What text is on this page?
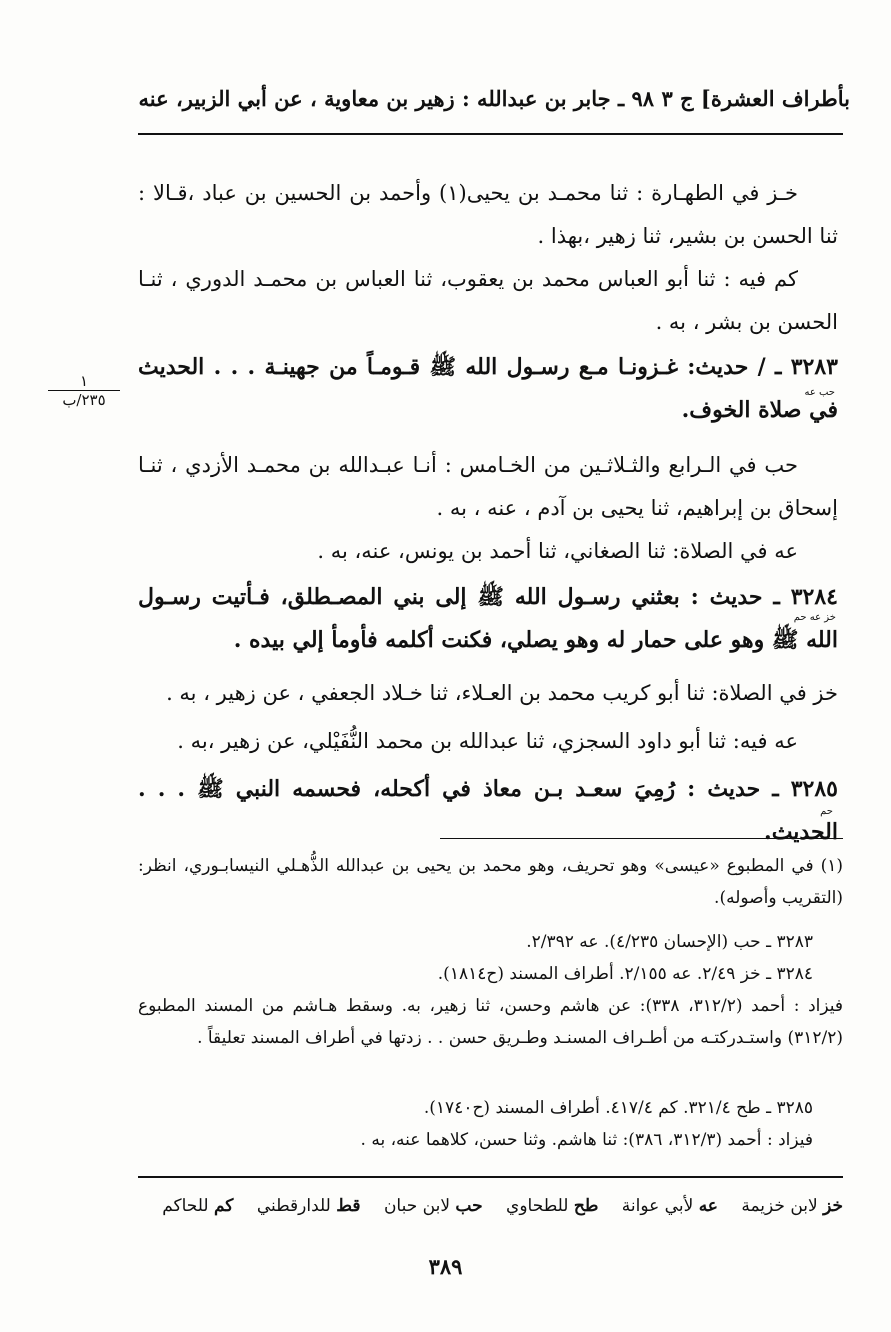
بأطراف العشرة] ج ٣
٩٨ ـ جابر بن عبدالله : زهير بن معاوية ، عن أبي الزبير، عنه
خـز في الطهـارة : ثنا محمـد بن يحيى(١) وأحمد بن الحسين بن عباد ،قـالا : ثنا الحسن بن بشير، ثنا زهير ،بهذا .
كم فيه : ثنا أبو العباس محمد بن يعقوب، ثنا العباس بن محمـد الدوري ، ثنـا الحسن بن بشر ، به .
١
٢٣٥/ب
٣٢٨٣ ـ / حديث: غـزونـا مـع رسـول الله ﷺ قـومـاً من جهينـة . . . الحديث في صلاة الخوف.
حب عه
حب في الـرابع والثـلاثـين من الخـامس : أنـا عبـدالله بن محمـد الأزدي ، ثنـا إسحاق بن إبراهيم، ثنا يحيى بن آدم ، عنه ، به .
عه في الصلاة: ثنا الصغاني، ثنا أحمد بن يونس، عنه، به .
٣٢٨٤ ـ حديث : بعثني رسـول الله ﷺ إلى بني المصـطلق، فـأتيت رسـول الله ﷺ وهو على حمار له وهو يصلي، فكنت أكلمه فأومأ إلي بيده .
خز عه حم
خز في الصلاة: ثنا أبو كريب محمد بن العـلاء، ثنا خـلاد الجعفي ، عن زهير ، به .
عه فيه: ثنا أبو داود السجزي، ثنا عبدالله بن محمد النُّفَيْلي، عن زهير ،به .
٣٢٨٥ ـ حديث : رُمِيَ سعـد بـن معاذ في أكحله، فحسمه النبي ﷺ . . . الحديث.
حم
(١) في المطبوع «عيسى» وهو تحريف، وهو محمد بن يحيى بن عبدالله الذُّهـلي النيسابـوري، انظر: (التقريب وأصوله).
٣٢٨٣ ـ حب (الإحسان ٤/٢٣٥). عه ٢/٣٩٢.
٣٢٨٤ ـ خز ٢/٤٩. عه ٢/١٥٥. أطراف المسند (ح١٨١٤).
فيزاد : أحمد (٣١٢/٢، ٣٣٨): عن هاشم وحسن، ثنا زهير، به. وسقط هـاشم من المسند المطبوع (٣١٢/٢) واستـدركتـه من أطـراف المسنـد وطـريق حسن . . زدتها في أطراف المسند تعليقاً .
٣٢٨٥ ـ طح ٣٢١/٤. كم ٤١٧/٤. أطراف المسند (ح١٧٤٠).
فيزاد : أحمد (٣١٢/٣، ٣٨٦): ثنا هاشم. وثنا حسن، كلاهما عنه، به .
خز لابن خزيمة عه لأبي عوانة طح للطحاوي حب لابن حبان قط للدارقطني كم للحاكم
٣٨٩
